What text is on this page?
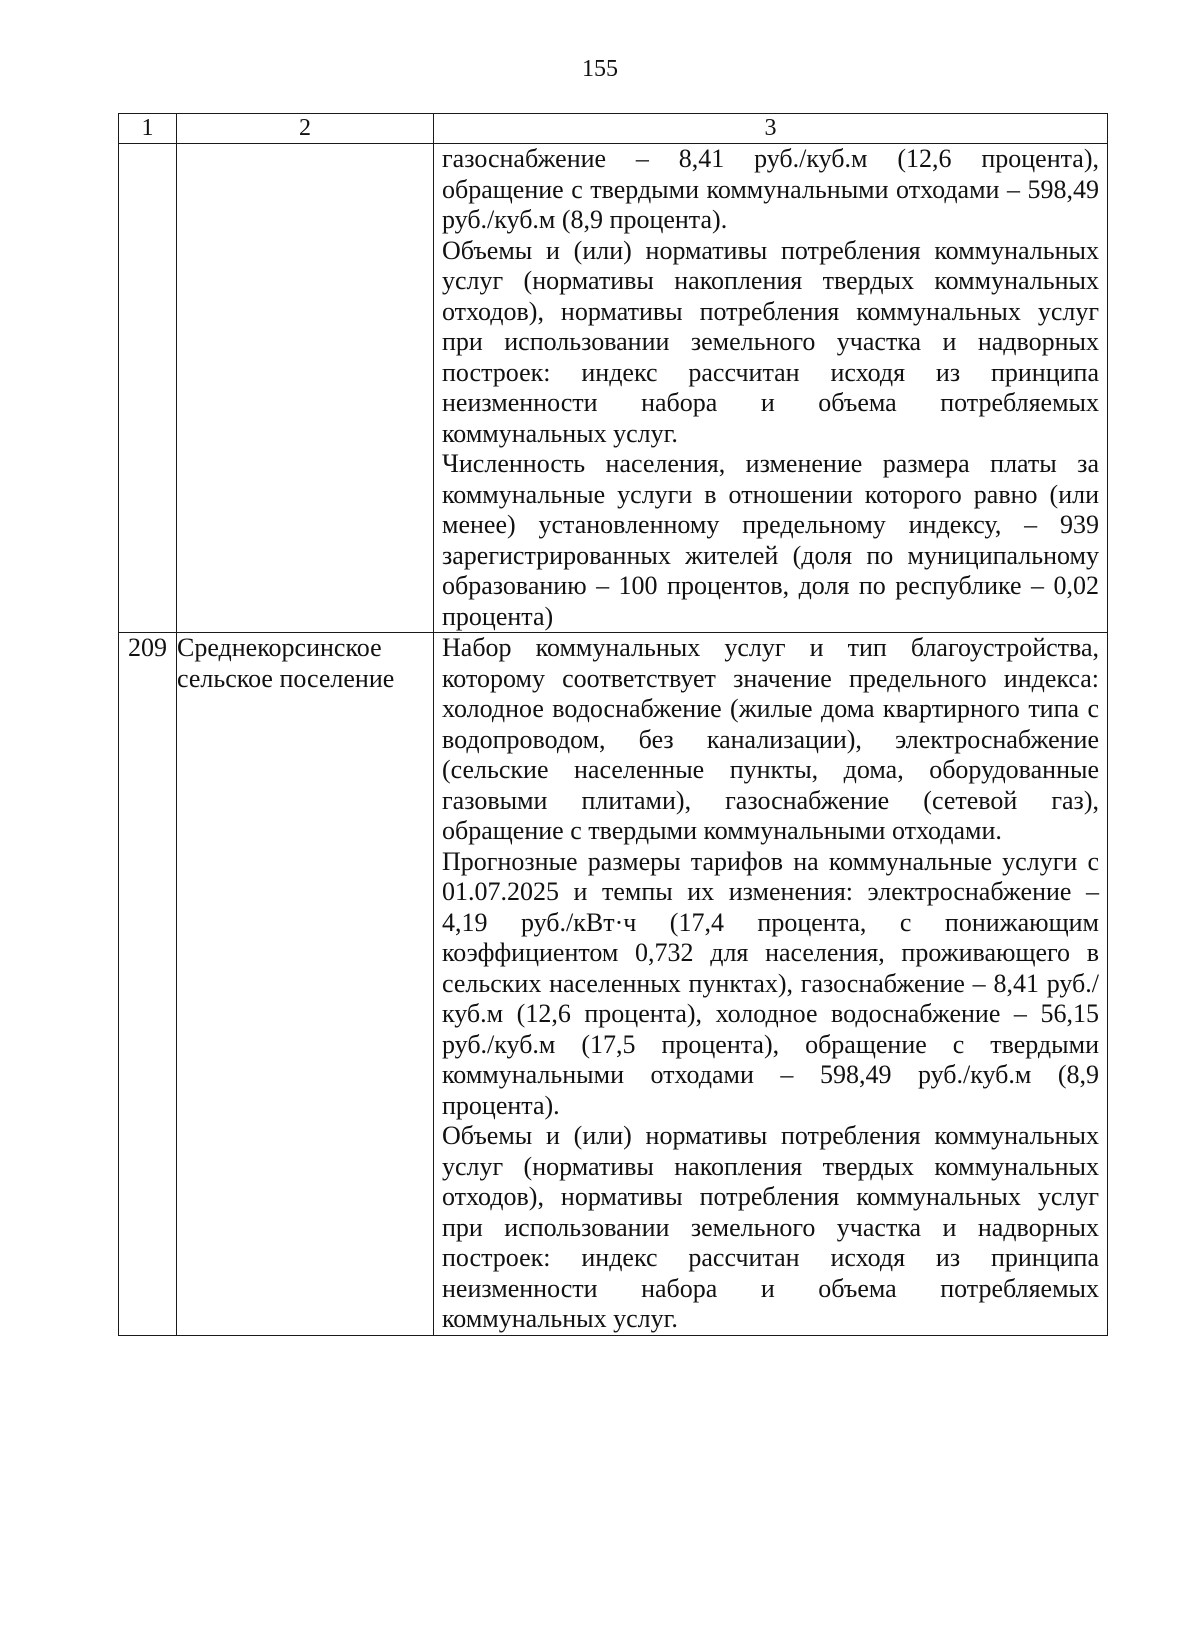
155
1	2	3

		газоснабжение – 8,41 руб./куб.м (12,6 процента), обращение с твердыми коммунальными отходами – 598,49 руб./куб.м (8,9 процента).

Объемы и (или) нормативы потребления коммунальных услуг (нормативы накопления твердых коммунальных отходов), нормативы потребления коммунальных услуг при использовании земельного участка и надворных построек: индекс рассчитан исходя из принципа неизменности набора и объема потребляемых коммунальных услуг.

Численность населения, изменение размера платы за коммунальные услуги в отношении которого равно (или менее) установленному предельному индексу, – 939 зарегистрированных жителей (доля по муниципальному образованию – 100 процентов, доля по республике – 0,02 процента)

209	Среднекорсинское сельское поселение	Набор коммунальных услуг и тип благоустройства, которому соответствует значение предельного индекса: холодное водоснабжение (жилые дома квартирного типа с водопроводом, без канализации), электроснабжение (сельские населенные пункты, дома, оборудованные газовыми плитами), газоснабжение (сетевой газ), обращение с твердыми коммунальными отходами.

Прогнозные размеры тарифов на коммунальные услуги с 01.07.2025 и темпы их изменения: электроснабжение – 4,19 руб./кВт·ч (17,4 процента, с понижающим коэффициентом 0,732 для населения, проживающего в сельских населенных пунктах), газоснабжение – 8,41 руб./куб.м (12,6 процента), холодное водоснабжение – 56,15 руб./куб.м (17,5 процента), обращение с твердыми коммунальными отходами – 598,49 руб./куб.м (8,9 процента).

Объемы и (или) нормативы потребления коммунальных услуг (нормативы накопления твердых коммунальных отходов), нормативы потребления коммунальных услуг при использовании земельного участка и надворных построек: индекс рассчитан исходя из принципа неизменности набора и объема потребляемых коммунальных услуг.
